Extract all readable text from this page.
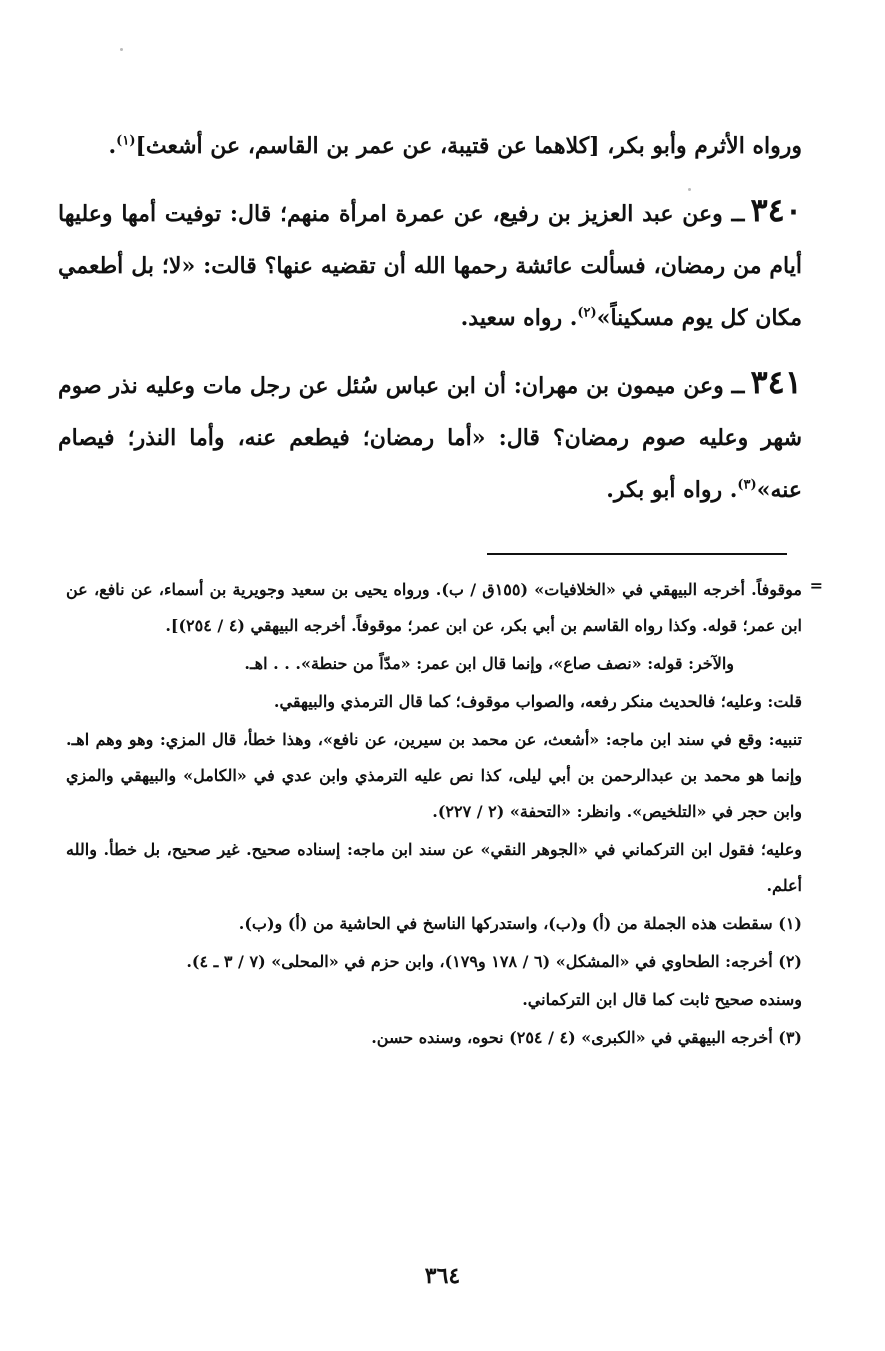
ورواه الأثرم وأبو بكر، [كلاهما عن قتيبة، عن عمر بن القاسم، عن أشعث]$^{(١)}$.

٣٤٠ــ وعن عبد العزيز بن رفيع، عن عمرة امرأة منهم؛ قال: توفيت أمها وعليها أيام من رمضان، فسألت عائشة رحمها الله أن تقضيه عنها؟ قالت: «لا؛ بل أطعمي مكان كل يوم مسكيناً»$^{(٢)}$. رواه سعيد.

٣٤١ــ وعن ميمون بن مهران: أن ابن عباس سُئل عن رجل مات وعليه نذر صوم شهر وعليه صوم رمضان؟ قال: «أما رمضان؛ فيطعم عنه، وأما النذر؛ فيصام عنه»$^{(٣)}$. رواه أبو بكر.

=

موقوفاً. أخرجه البيهقي في «الخلافيات» (١٥٥ق / ب). ورواه يحيى بن سعيد وجويرية بن أسماء، عن نافع، عن ابن عمر؛ قوله. وكذا رواه القاسم بن أبي بكر، عن ابن عمر؛ موقوفاً. أخرجه البيهقي (٤ / ٢٥٤)].

والآخر: قوله: «نصف صاع»، وإنما قال ابن عمر: «مدّاً من حنطة». . . اهـ.

قلت: وعليه؛ فالحديث منكر رفعه، والصواب موقوف؛ كما قال الترمذي والبيهقي.

تنبيه: وقع في سند ابن ماجه: «أشعث، عن محمد بن سيرين، عن نافع»، وهذا خطأ، قال المزي: وهو وهم اهـ. وإنما هو محمد بن عبدالرحمن بن أبي ليلى، كذا نص عليه الترمذي وابن عدي في «الكامل» والبيهقي والمزي وابن حجر في «التلخيص». وانظر: «التحفة» (٢ / ٢٢٧).

وعليه؛ فقول ابن التركماني في «الجوهر النقي» عن سند ابن ماجه: إسناده صحيح. غير صحيح، بل خطأ. والله أعلم.

(١) سقطت هذه الجملة من (أ) و(ب)، واستدركها الناسخ في الحاشية من (أ) و(ب).

(٢) أخرجه: الطحاوي في «المشكل» (٦ / ١٧٨ و١٧٩)، وابن حزم في «المحلى» (٧ / ٣ ـ ٤).

وسنده صحيح ثابت كما قال ابن التركماني.

(٣) أخرجه البيهقي في «الكبرى» (٤ / ٢٥٤) نحوه، وسنده حسن.

٣٦٤
